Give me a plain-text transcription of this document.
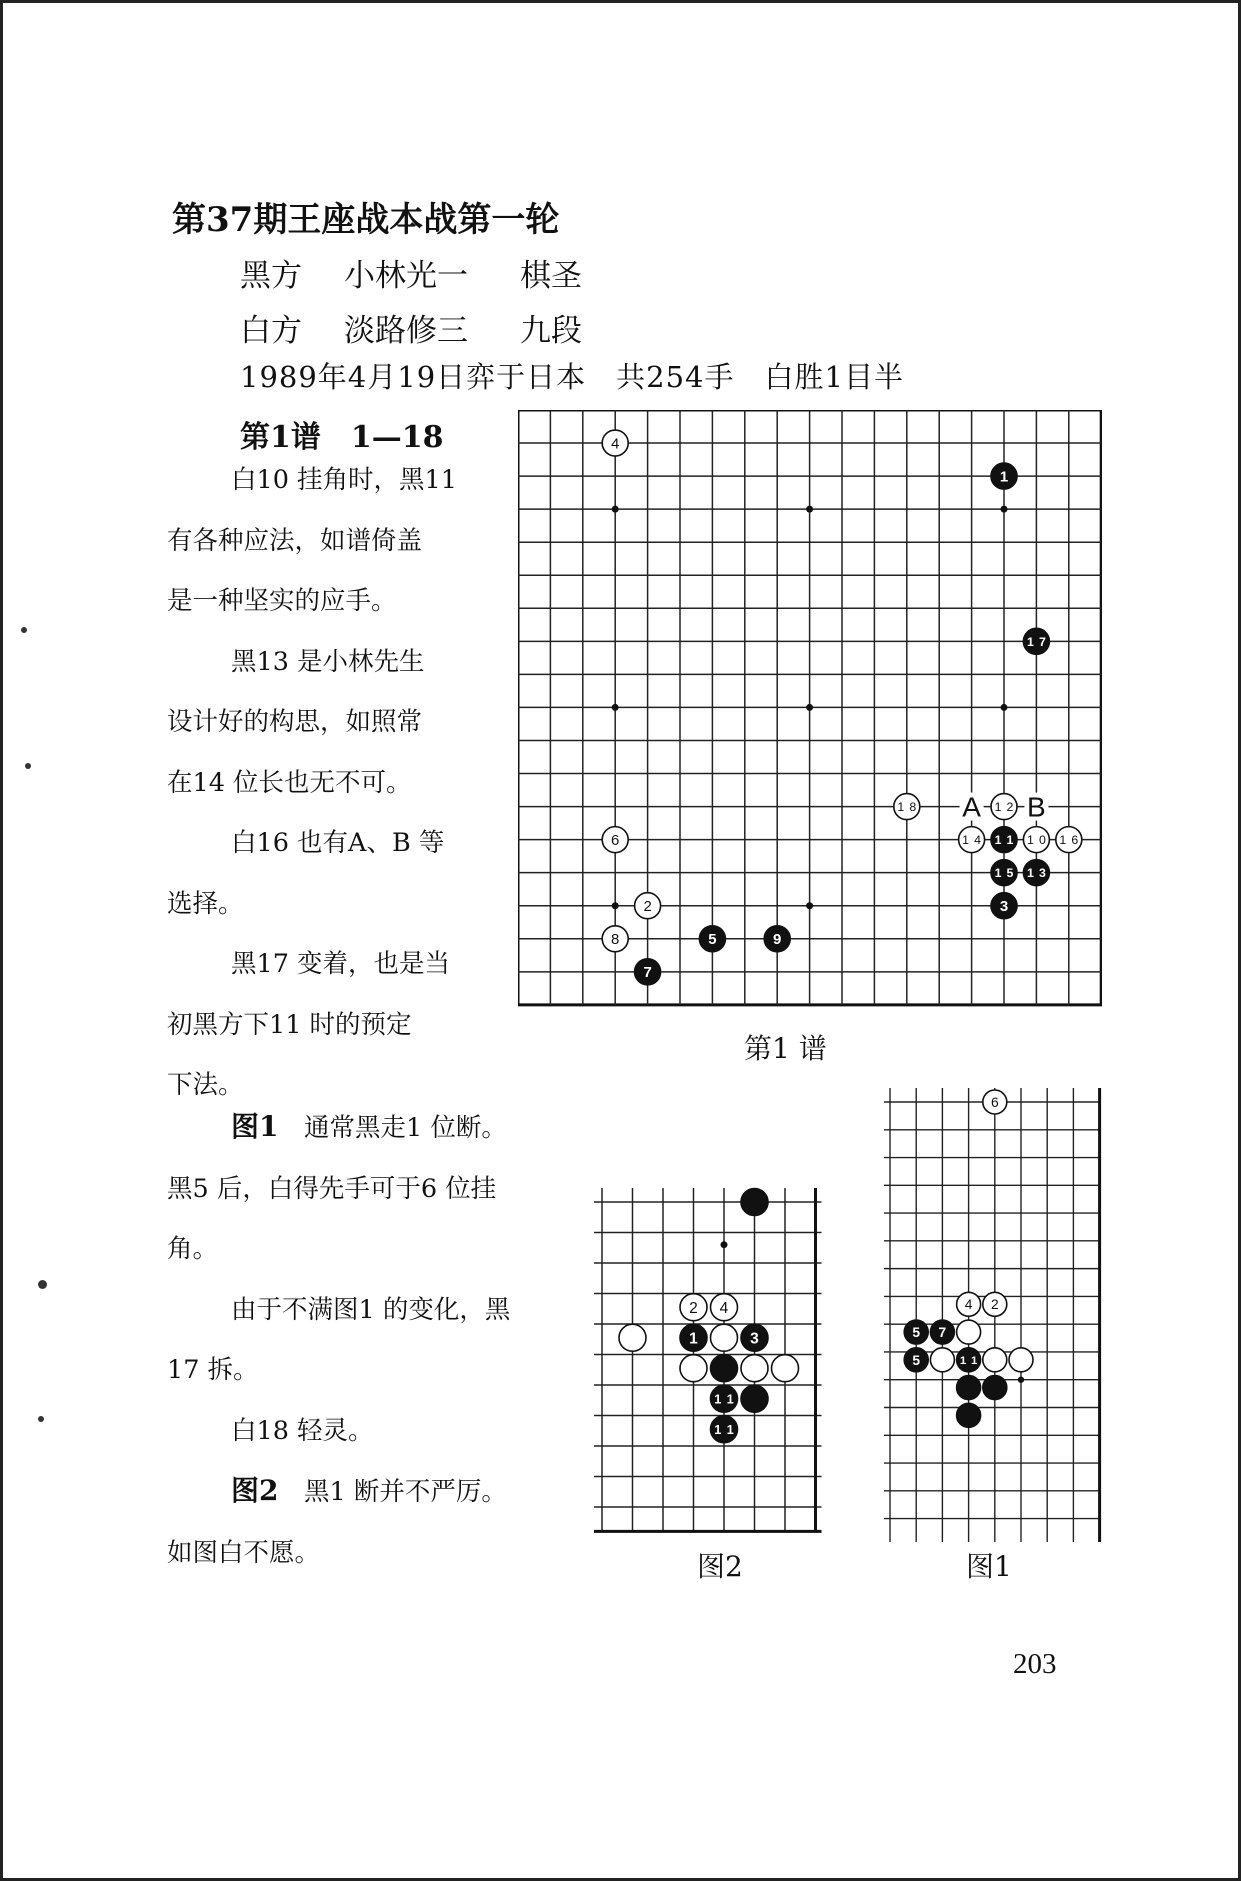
第37期王座战本战第一轮
黑方 小林光一 棋圣
白方 淡路修三 九段
1989年4月19日弈于日本　共254手　白胜1目半
第1谱　1—18

白10 挂角时，黑11

有各种应法，如谱倚盖

是一种坚实的应手。

黑13 是小林先生

设计好的构思，如照常

在14 位长也无不可。

白16 也有A、B 等

选择。

黑17 变着，也是当

初黑方下11 时的预定

下法。

A B
4
1
17
18	12
6	14 11 10 16
15 13
2	3
8	5	9
7
第1 谱

图1　通常黑走1 位断。

黑5 后，白得先手可于6 位挂

角。

由于不满图1 的变化，黑

17 拆。

白18 轻灵。

图2　黑1 断并不严厉。

如图白不愿。

2 4
1	3
11
11
图2
6
4 2
5 7
5	11
图1
203
